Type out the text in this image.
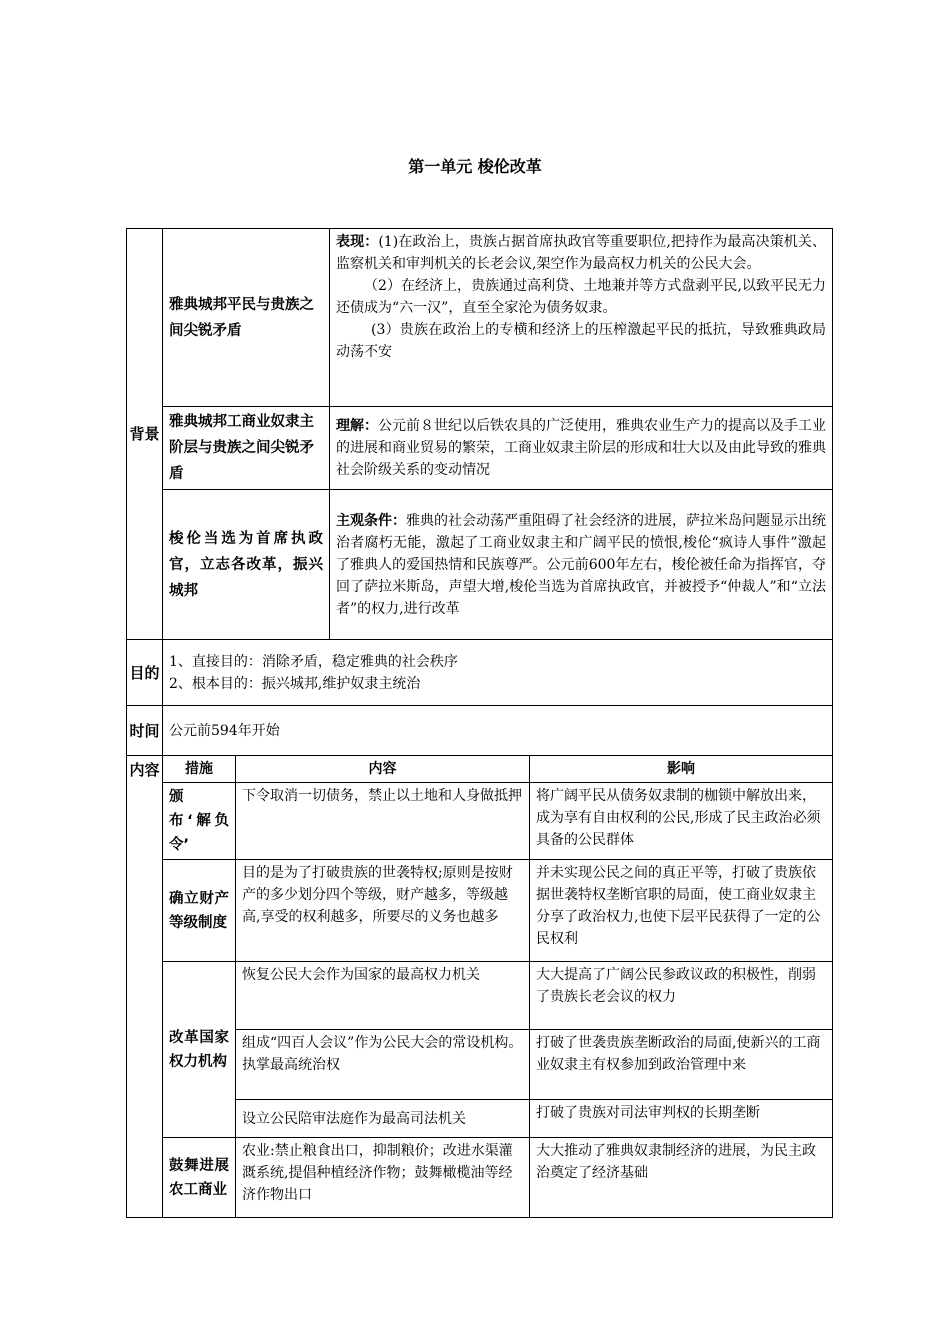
第一单元 梭伦改革
背景	雅典城邦平民与贵族之间尖锐矛盾		表现：(1)在政治上，贵族占据首席执政官等重要职位,把持作为最高决策机关、监察机关和审判机关的长老会议,架空作为最高权力机关的公民大会。

（2）在经济上，贵族通过高利贷、土地兼并等方式盘剥平民,以致平民无力还债成为“六一汉”，直至全家沦为债务奴隶。

(3）贵族在政治上的专横和经济上的压榨激起平民的抵抗，导致雅典政局动荡不安	

	雅典城邦工商业奴隶主阶层与贵族之间尖锐矛盾		理解：公元前８世纪以后铁农具的广泛使用，雅典农业生产力的提高以及手工业的进展和商业贸易的繁荣，工商业奴隶主阶层的形成和壮大以及由此导致的雅典社会阶级关系的变动情况	
	梭伦当选为首席执政官，立志各改革，振兴城邦		主观条件：雅典的社会动荡严重阻碍了社会经济的进展，萨拉米岛问题显示出统治者腐朽无能，激起了工商业奴隶主和广阔平民的愤恨,梭伦“疯诗人事件”激起了雅典人的爱国热情和民族尊严。公元前600年左右，梭伦被任命为指挥官，夺回了萨拉米斯岛，声望大增,梭伦当选为首席执政官，并被授予“仲裁人”和“立法者”的权力,进行改革	
目的	1、直接目的：消除矛盾，稳定雅典的社会秩序

2、根本目的：振兴城邦,维护奴隶主统治			

时间	公元前594年开始			
内容	措施	内容		影响
	颁　　布‘解负令’	下令取消一切债务，禁止以土地和人身做抵押		将广阔平民从债务奴隶制的枷锁中解放出来，成为享有自由权利的公民,形成了民主政治必须具备的公民群体
	确立财产等级制度	目的是为了打破贵族的世袭特权;原则是按财产的多少划分四个等级，财产越多，等级越高,享受的权利越多，所要尽的义务也越多		并未实现公民之间的真正平等，打破了贵族依据世袭特权垄断官职的局面，使工商业奴隶主分享了政治权力,也使下层平民获得了一定的公民权利
	改革国家权力机构	恢复公民大会作为国家的最高权力机关		大大提高了广阔公民参政议政的积极性，削弱了贵族长老会议的权力
		组成“四百人会议”作为公民大会的常设机构。执掌最高统治权		打破了世袭贵族垄断政治的局面,使新兴的工商业奴隶主有权参加到政治管理中来
		设立公民陪审法庭作为最高司法机关		打破了贵族对司法审判权的长期垄断
	鼓舞进展农工商业	农业:禁止粮食出口，抑制粮价；改进水渠灌溉系统,提倡种植经济作物；鼓舞橄榄油等经济作物出口		大大推动了雅典奴隶制经济的进展，为民主政治奠定了经济基础
